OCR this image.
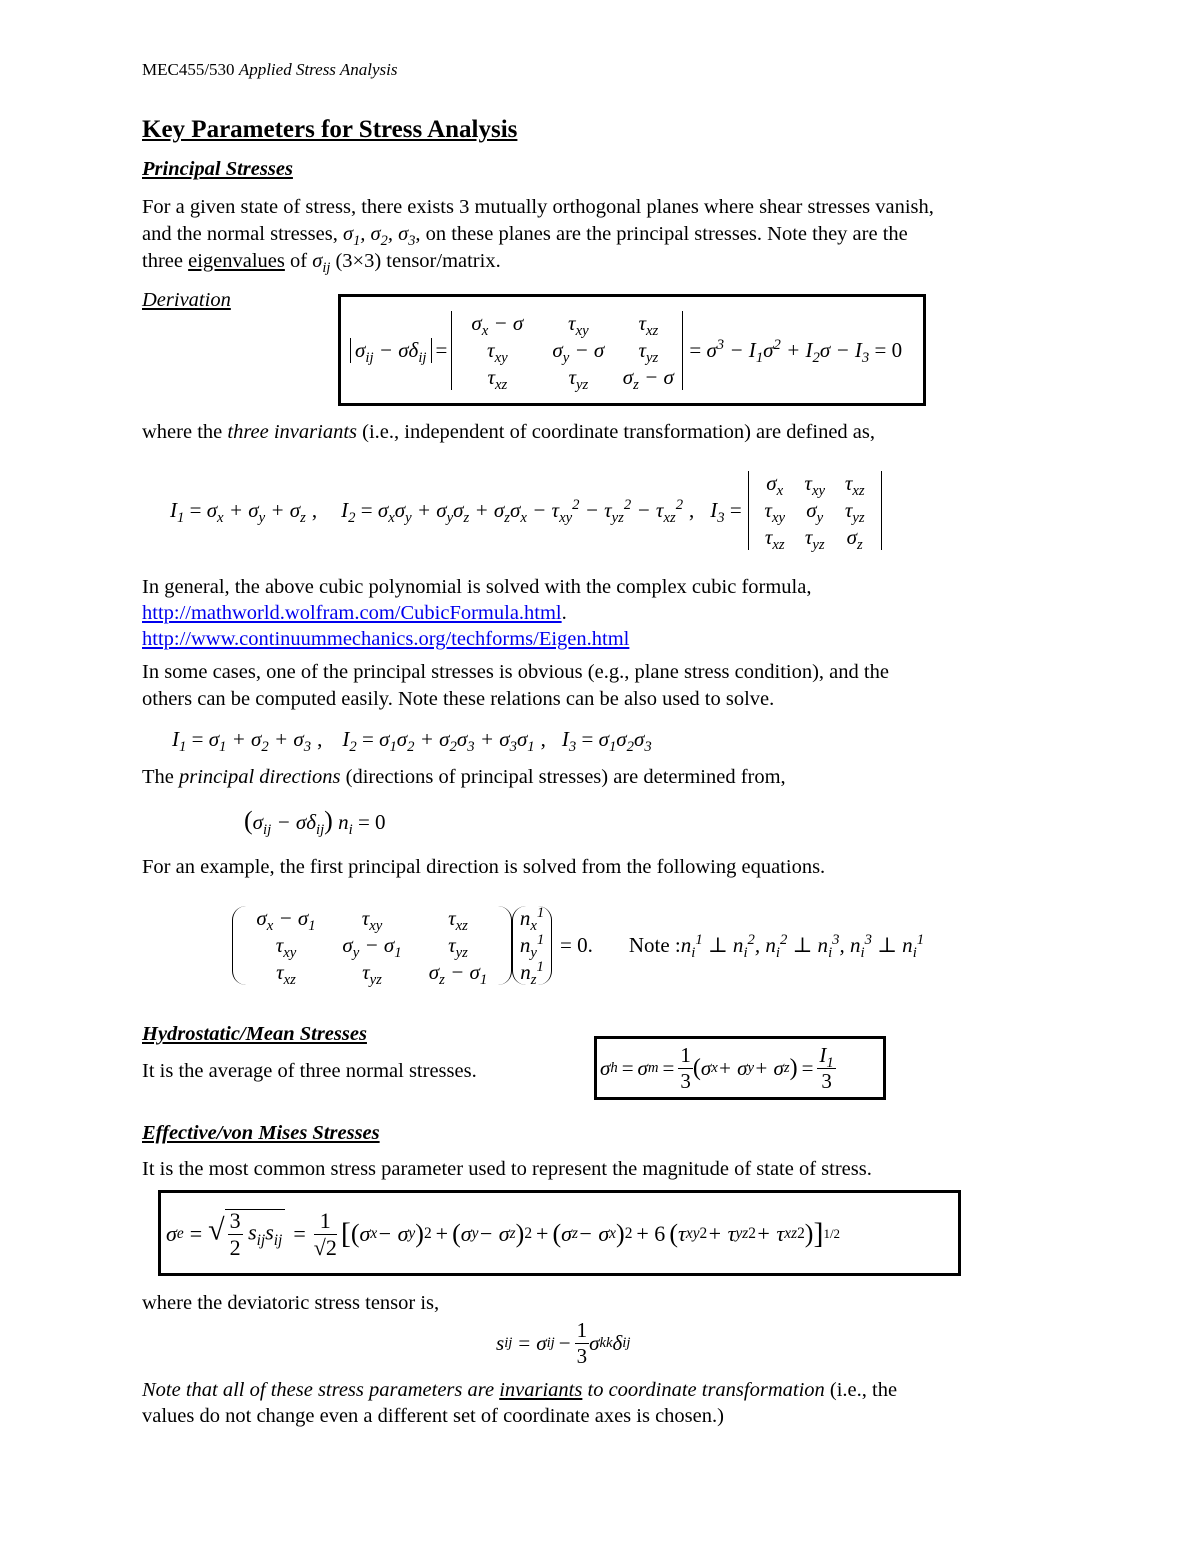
MEC455/530 Applied Stress Analysis
Key Parameters for Stress Analysis
Principal Stresses
For a given state of stress, there exists 3 mutually orthogonal planes where shear stresses vanish,
and the normal stresses, $\sigma_1$, $\sigma_2$, $\sigma_3$, on these planes are the principal stresses. Note they are the
three eigenvalues of $\sigma_{ij}$ (3×3) tensor/matrix.
Derivation
$\sigma_{ij} - \sigma\delta_{ij}$ =
$\sigma_x - \sigma$	$\tau_{xy}$	$\tau_{xz}$
$\tau_{xy}$	$\sigma_y - \sigma$	$\tau_{yz}$
$\tau_{xz}$	$\tau_{yz}$	$\sigma_z - \sigma$
= $\sigma^3 - I_1\sigma^2 + I_2\sigma - I_3 = 0$
where the three invariants (i.e., independent of coordinate transformation) are defined as,
$I_1 = \sigma_x + \sigma_y + \sigma_z$ , $I_2 = \sigma_x\sigma_y + \sigma_y\sigma_z + \sigma_z\sigma_x - \tau_{xy}^2 - \tau_{yz}^2 - \tau_{xz}^2$ , $I_3$ =
$\sigma_x$	$\tau_{xy}$ $\tau_{xz}$
$\tau_{xy}$	$\sigma_y$	$\tau_{yz}$
$\tau_{xz}$ $\tau_{yz}$	$\sigma_z$
In general, the above cubic polynomial is solved with the complex cubic formula,
http://mathworld.wolfram.com/CubicFormula.html.
http://www.continuummechanics.org/techforms/Eigen.html
In some cases, one of the principal stresses is obvious (e.g., plane stress condition), and the
others can be computed easily. Note these relations can be also used to solve.
$I_1 = \sigma_1 + \sigma_2 + \sigma_3$ , $I_2 = \sigma_1\sigma_2 + \sigma_2\sigma_3 + \sigma_3\sigma_1$ , $I_3 = \sigma_1\sigma_2\sigma_3$
The principal directions (directions of principal stresses) are determined from,
$(\sigma_{ij} - \sigma\delta_{ij}) n_i = 0$
For an example, the first principal direction is solved from the following equations.
$\sigma_x - \sigma_1$	$\tau_{xy}$	$\tau_{xz}$
$\tau_{xy}$	$\sigma_y - \sigma_1$	$\tau_{yz}$
$\tau_{xz}$	$\tau_{yz}$	$\sigma_z - \sigma_1$
$n_x^1$
$n_y^1$
$n_z^1$
= 0. Note $:n_i^1$ ⊥ $n_i^2$, $n_i^2$ ⊥ $n_i^3$, $n_i^3$ ⊥ $n_i^1$
Hydrostatic/Mean Stresses
It is the average of three normal stresses.	σ h = σ $m = \frac{1}{3}$ ( σ x + σ y + σ z ) = $\frac{I_1}{3}$
Effective/von Mises Stresses
It is the most common stress parameter used to represent the magnitude of state of stress.
σ e = √ $\frac{3}{2} s_{ij}s_{ij} = \frac{1}{√2}$ [ ( σ x − σ y ) 2 + ( σ y − σ z ) 2 + ( σ z − σ x ) 2 + 6 ( τ xy 2 + τ yz 2 + τ xz 2 ) ] 1/2
where the deviatoric stress tensor is,
s ij = σ ij − $\frac{1}{3}$ σ kk δ ij
Note that all of these stress parameters are invariants to coordinate transformation (i.e., the
values do not change even a different set of coordinate axes is chosen.)
